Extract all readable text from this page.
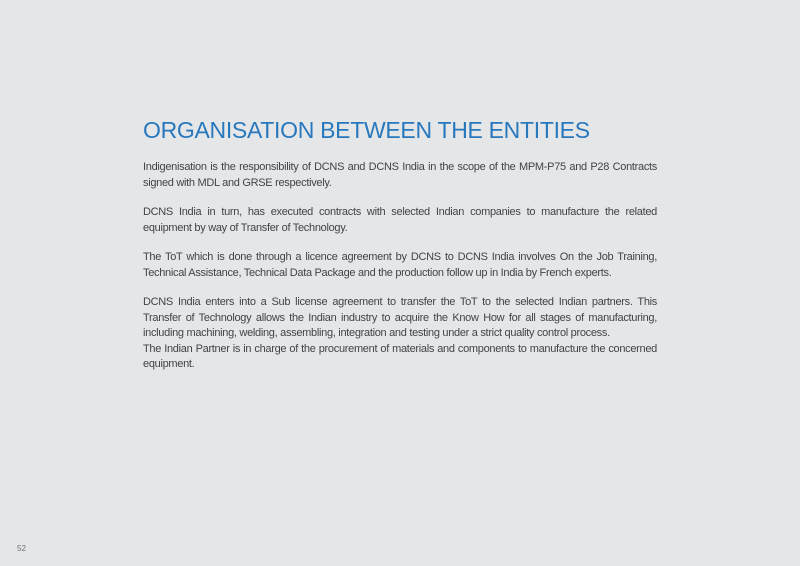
ORGANISATION BETWEEN THE ENTITIES

Indigenisation is the responsibility of DCNS and DCNS India in the scope of the MPM-P75 and P28 Contracts signed with MDL and GRSE respectively.

DCNS India in turn, has executed contracts with selected Indian companies to manufacture the related equipment by way of Transfer of Technology.

The ToT which is done through a licence agreement by DCNS to DCNS India involves On the Job Training, Technical Assistance, Technical Data Package and the production follow up in India by French experts.

DCNS India enters into a Sub license agreement to transfer the ToT to the selected Indian partners. This Transfer of Technology allows the Indian industry to acquire the Know How for all stages of manufacturing, including machining, welding, assembling, integration and testing under a strict quality control process.

The Indian Partner is in charge of the procurement of materials and components to manufacture the concerned equipment.

52
